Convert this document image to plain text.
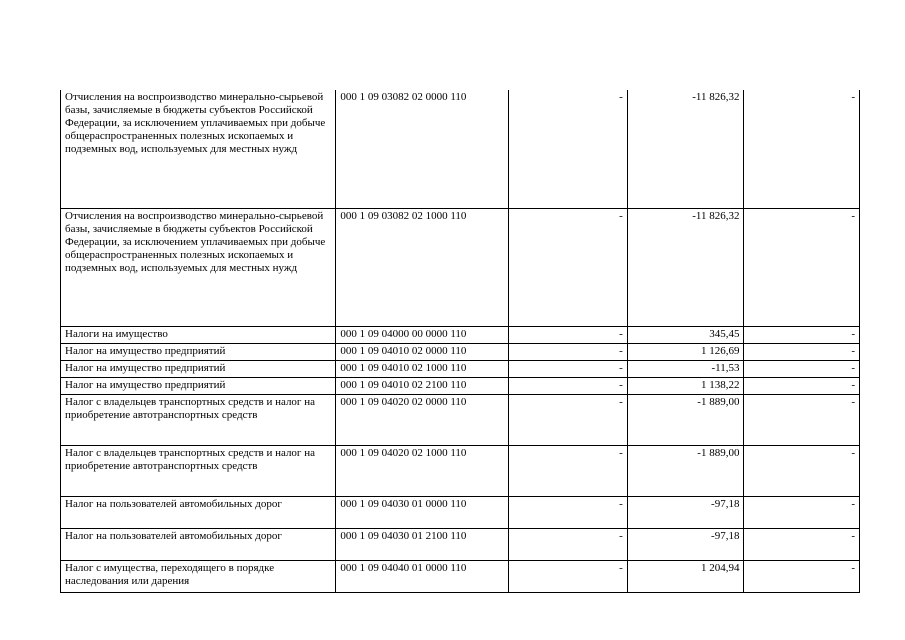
Отчисления на воспроизводство минерально-сырьевой базы, зачисляемые в бюджеты субъектов Российской Федерации, за исключением уплачиваемых при добыче общераспространенных полезных ископаемых и подземных вод, используемых для местных нужд	000 1 09 03082 02 0000 110	-	-11 826,32	-
Отчисления на воспроизводство минерально-сырьевой базы, зачисляемые в бюджеты субъектов Российской Федерации, за исключением уплачиваемых при добыче общераспространенных полезных ископаемых и подземных вод, используемых для местных нужд	000 1 09 03082 02 1000 110	-	-11 826,32	-
Налоги на имущество	000 1 09 04000 00 0000 110	-	345,45	-
Налог на имущество предприятий	000 1 09 04010 02 0000 110	-	1 126,69	-
Налог на имущество предприятий	000 1 09 04010 02 1000 110	-	-11,53	-
Налог на имущество предприятий	000 1 09 04010 02 2100 110	-	1 138,22	-
Налог с владельцев транспортных средств и налог на приобретение автотранспортных средств	000 1 09 04020 02 0000 110	-	-1 889,00	-
Налог с владельцев транспортных средств и налог на приобретение автотранспортных средств	000 1 09 04020 02 1000 110	-	-1 889,00	-
Налог на пользователей автомобильных дорог	000 1 09 04030 01 0000 110	-	-97,18	-
Налог на пользователей автомобильных дорог	000 1 09 04030 01 2100 110	-	-97,18	-
Налог с имущества, переходящего в порядке наследования или дарения	000 1 09 04040 01 0000 110	-	1 204,94	-
